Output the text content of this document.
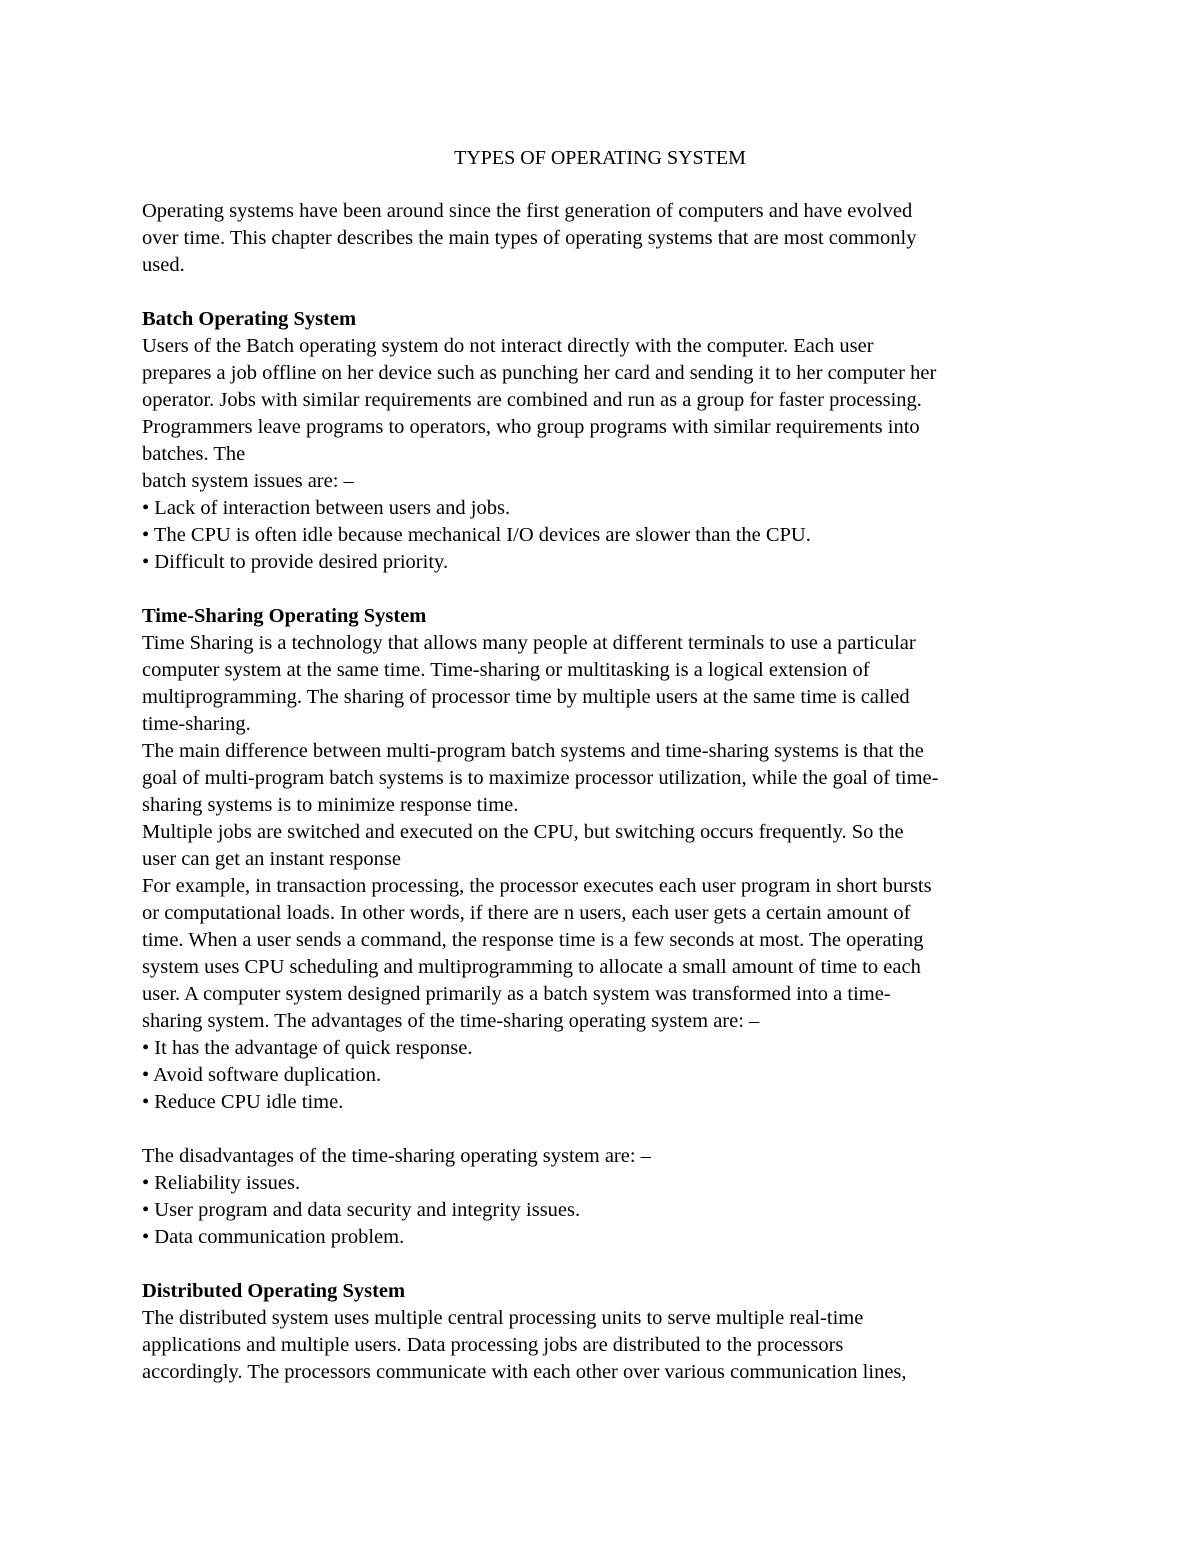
TYPES OF OPERATING SYSTEM
Operating systems have been around since the first generation of computers and have evolved
over time. This chapter describes the main types of operating systems that are most commonly
used.
Batch Operating System
Users of the Batch operating system do not interact directly with the computer. Each user
prepares a job offline on her device such as punching her card and sending it to her computer her
operator. Jobs with similar requirements are combined and run as a group for faster processing.
Programmers leave programs to operators, who group programs with similar requirements into
batches. The
batch system issues are: –
• Lack of interaction between users and jobs.
• The CPU is often idle because mechanical I/O devices are slower than the CPU.
• Difficult to provide desired priority.
Time-Sharing Operating System
Time Sharing is a technology that allows many people at different terminals to use a particular
computer system at the same time. Time-sharing or multitasking is a logical extension of
multiprogramming. The sharing of processor time by multiple users at the same time is called
time-sharing.
The main difference between multi-program batch systems and time-sharing systems is that the
goal of multi-program batch systems is to maximize processor utilization, while the goal of time-
sharing systems is to minimize response time.
Multiple jobs are switched and executed on the CPU, but switching occurs frequently. So the
user can get an instant response
For example, in transaction processing, the processor executes each user program in short bursts
or computational loads. In other words, if there are n users, each user gets a certain amount of
time. When a user sends a command, the response time is a few seconds at most. The operating
system uses CPU scheduling and multiprogramming to allocate a small amount of time to each
user. A computer system designed primarily as a batch system was transformed into a time-
sharing system. The advantages of the time-sharing operating system are: –
• It has the advantage of quick response.
• Avoid software duplication.
• Reduce CPU idle time.
The disadvantages of the time-sharing operating system are: –
• Reliability issues.
• User program and data security and integrity issues.
• Data communication problem.
Distributed Operating System
The distributed system uses multiple central processing units to serve multiple real-time
applications and multiple users. Data processing jobs are distributed to the processors
accordingly. The processors communicate with each other over various communication lines,
